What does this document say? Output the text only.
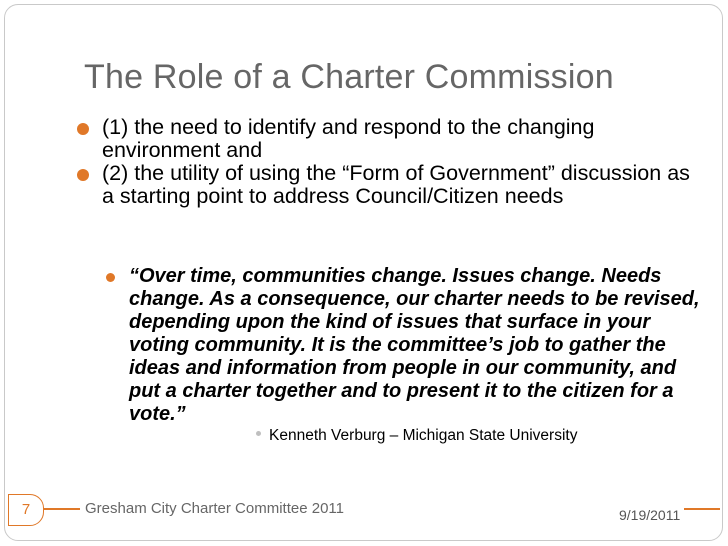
The Role of a Charter Commission
(1) the need to identify and respond to the changing environment and
(2) the utility of using the “Form of Government” discussion as a starting point to address Council/Citizen needs
“Over time, communities change. Issues change. Needs change. As a consequence, our charter needs to be revised, depending upon the kind of issues that surface in your voting community. It is the committee’s job to gather the ideas and information from people in our community, and put a charter together and to present it to the citizen for a vote.”
Kenneth Verburg – Michigan State University
7	Gresham City Charter Committee 2011	9/19/2011
